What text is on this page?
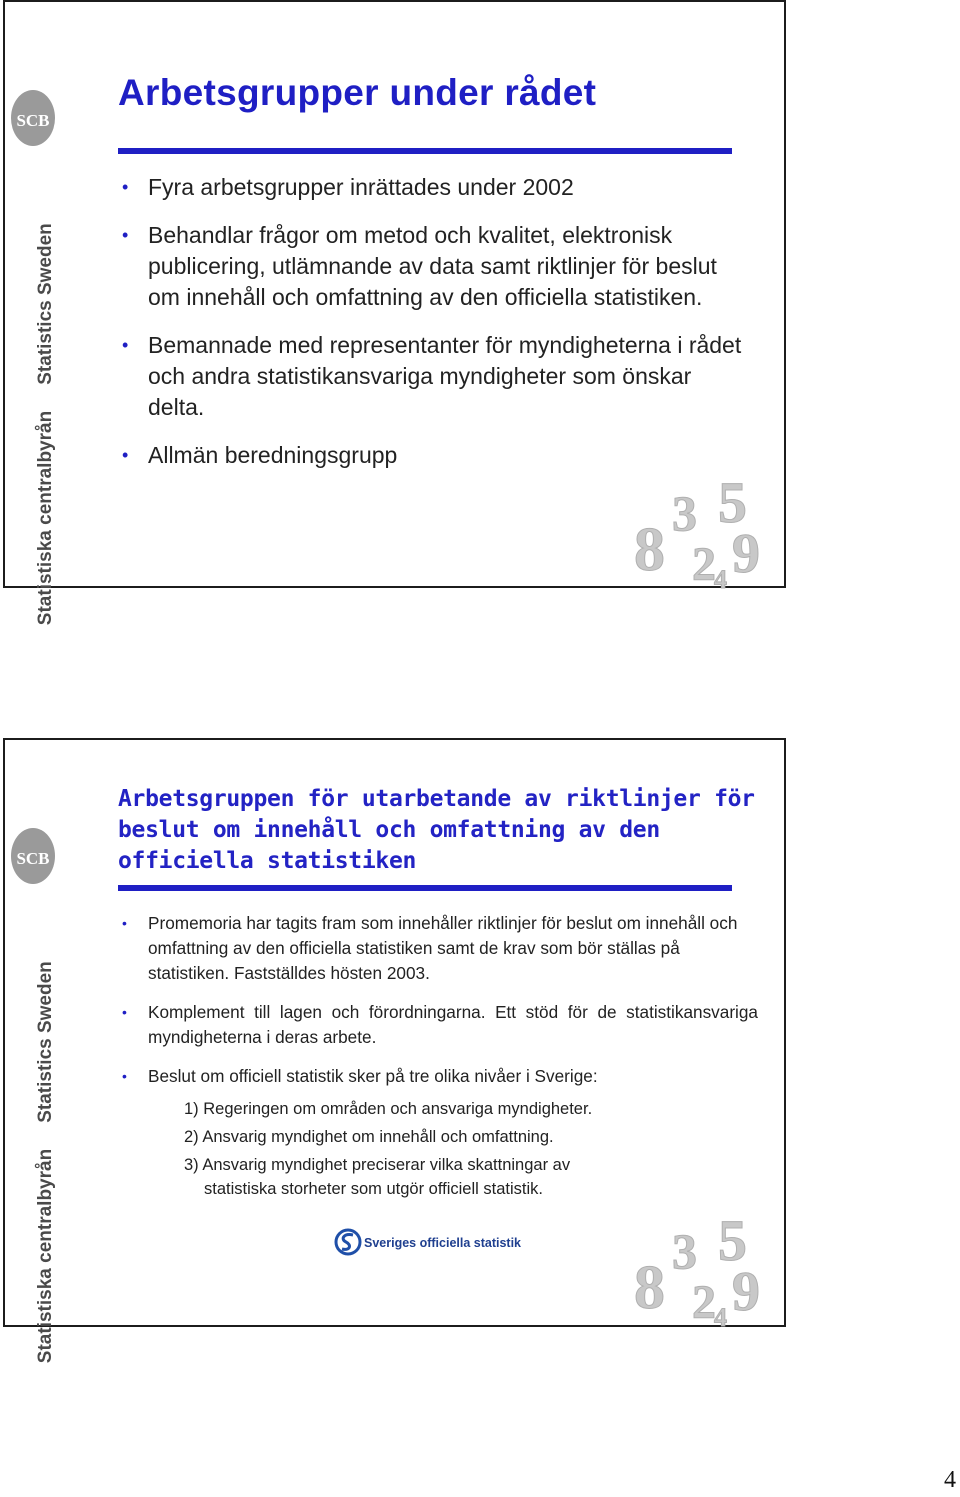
SCB
Statistics Sweden
Statistiska centralbyrån	8
3 5
2 9
4
Arbetsgrupper under rådet
• Fyra arbetsgrupper inrättades under 2002
• Behandlar frågor om metod och kvalitet, elektronisk publicering, utlämnande av data samt riktlinjer för beslut om innehåll och omfattning av den officiella statistiken.
• Bemannade med representanter för myndigheterna i rådet och andra statistikansvariga myndigheter som önskar delta.
• Allmän beredningsgrupp
SCB
Statistics Sweden
Statistiska centralbyrån	8
3 5
2 9
4
Arbetsgruppen för utarbetande av riktlinjer för beslut om innehåll och omfattning av den officiella statistiken
• Promemoria har tagits fram som innehåller riktlinjer för beslut om innehåll och omfattning av den officiella statistiken samt de krav som bör ställas på statistiken. Fastställdes hösten 2003.
• Komplement till lagen och förordningarna. Ett stöd för de statistikansvariga myndigheterna i deras arbete.
• Beslut om officiell statistik sker på tre olika nivåer i Sverige:
1) Regeringen om områden och ansvariga myndigheter.
2) Ansvarig myndighet om innehåll och omfattning.
3) Ansvarig myndighet preciserar vilka skattningar av
statistiska storheter som utgör officiell statistik.
Sveriges officiella statistik
4
